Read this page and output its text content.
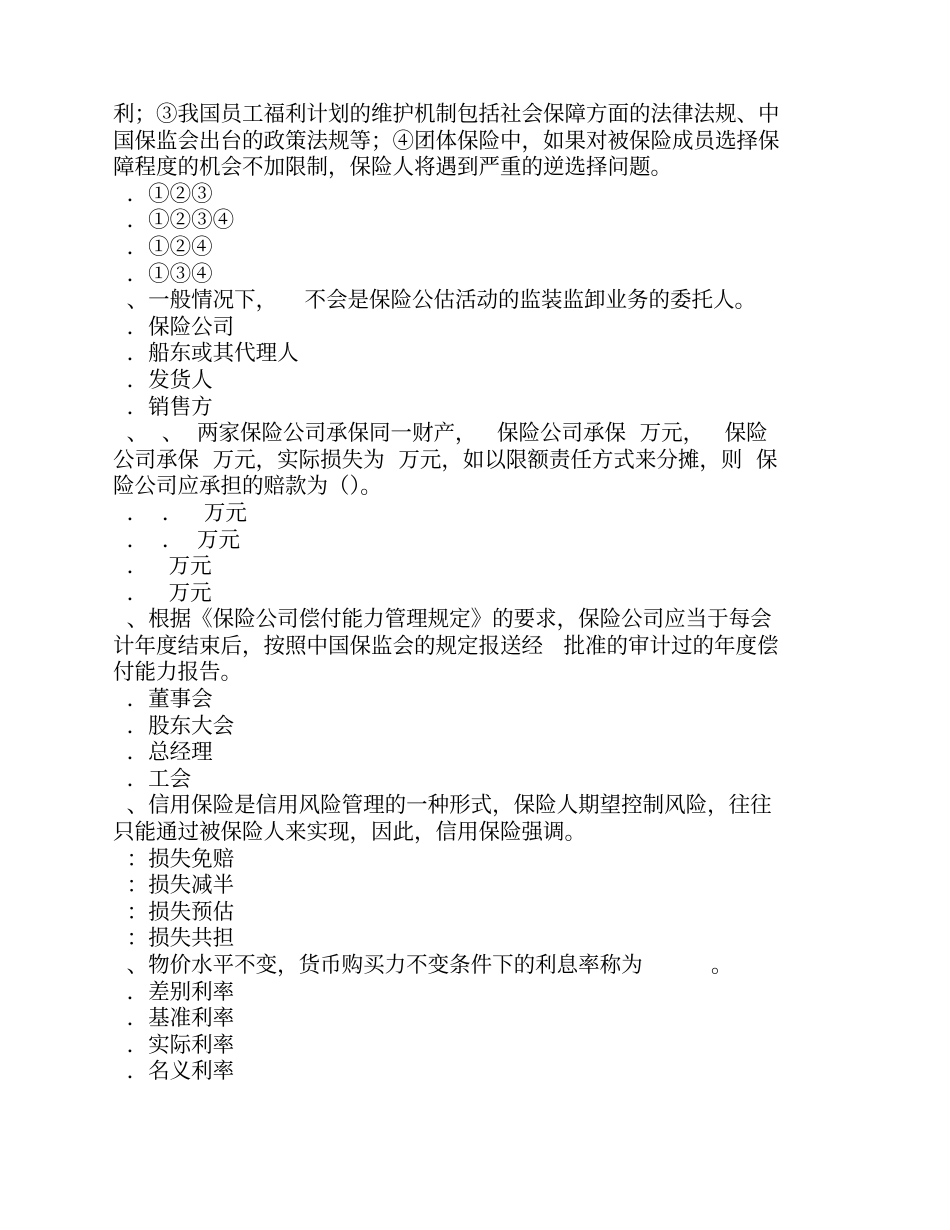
利；③我国员工福利计划的维护机制包括社会保障方面的法律法规、中
国保监会出台的政策法规等；④团体保险中，如果对被保险成员选择保
障程度的机会不加限制，保险人将遇到严重的逆选择问题。
．①②③
．①②③④
．①②④
．①③④
、一般情况下，    不会是保险公估活动的监装监卸业务的委托人。
．保险公司
．船东或其代理人
．发货人
．销售方
、  、  两家保险公司承保同一财产，   保险公司承保  万元，   保险
公司承保  万元，实际损失为  万元，如以限额责任方式来分摊，则  保
险公司应承担的赔款为（）。
．  ．   万元
．  ．  万元
．   万元
．   万元
、根据《保险公司偿付能力管理规定》的要求，保险公司应当于每会
计年度结束后，按照中国保监会的规定报送经   批准的审计过的年度偿
付能力报告。
．董事会
．股东大会
．总经理
．工会
、信用保险是信用风险管理的一种形式，保险人期望控制风险，往往
只能通过被保险人来实现，因此，信用保险强调。
：损失免赔
：损失减半
：损失预估
：损失共担
、物价水平不变，货币购买力不变条件下的利息率称为          。
．差别利率
．基准利率
．实际利率
．名义利率
